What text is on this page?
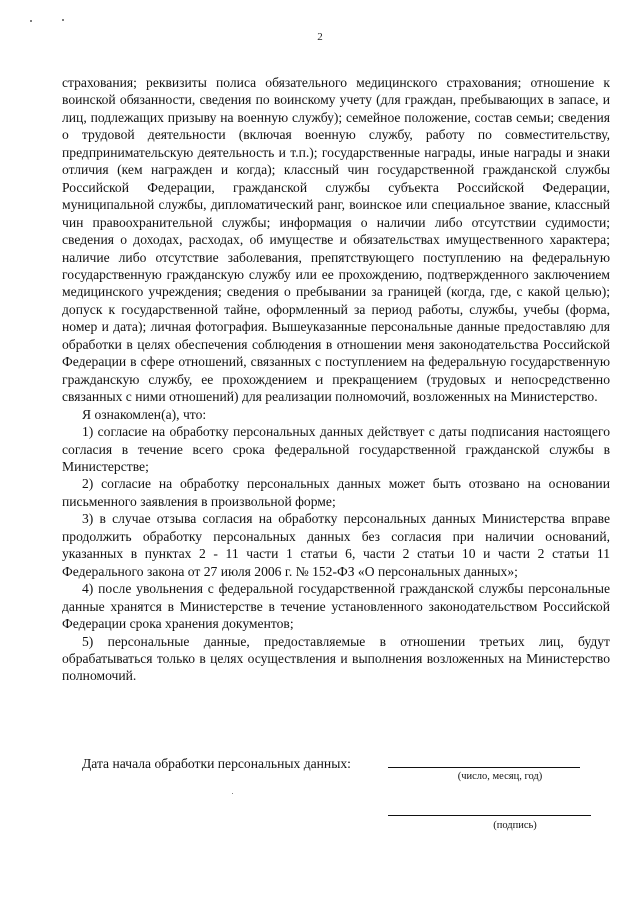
2

страхования; реквизиты полиса обязательного медицинского страхования; отношение к воинской обязанности, сведения по воинскому учету (для граждан, пребывающих в запасе, и лиц, подлежащих призыву на военную службу); семейное положение, состав семьи; сведения о трудовой деятельности (включая военную службу, работу по совместительству, предпринимательскую деятельность и т.п.); государственные награды, иные награды и знаки отличия (кем награжден и когда); классный чин государственной гражданской службы Российской Федерации, гражданской службы субъекта Российской Федерации, муниципальной службы, дипломатический ранг, воинское или специальное звание, классный чин правоохранительной службы; информация о наличии либо отсутствии судимости; сведения о доходах, расходах, об имуществе и обязательствах имущественного характера; наличие либо отсутствие заболевания, препятствующего поступлению на федеральную государственную гражданскую службу или ее прохождению, подтвержденного заключением медицинского учреждения; сведения о пребывании за границей (когда, где, с какой целью); допуск к государственной тайне, оформленный за период работы, службы, учебы (форма, номер и дата); личная фотография. Вышеуказанные персональные данные предоставляю для обработки в целях обеспечения соблюдения в отношении меня законодательства Российской Федерации в сфере отношений, связанных с поступлением на федеральную государственную гражданскую службу, ее прохождением и прекращением (трудовых и непосредственно связанных с ними отношений) для реализации полномочий, возложенных на Министерство.

Я ознакомлен(а), что:

1) согласие на обработку персональных данных действует с даты подписания настоящего согласия в течение всего срока федеральной государственной гражданской службы в Министерстве;

2) согласие на обработку персональных данных может быть отозвано на основании письменного заявления в произвольной форме;

3) в случае отзыва согласия на обработку персональных данных Министерства вправе продолжить обработку персональных данных без согласия при наличии оснований, указанных в пунктах 2 - 11 части 1 статьи 6, части 2 статьи 10 и части 2 статьи 11 Федерального закона от 27 июля 2006 г. № 152-ФЗ «О персональных данных»;

4) после увольнения с федеральной государственной гражданской службы персональные данные хранятся в Министерстве в течение установленного законодательством Российской Федерации срока хранения документов;

5) персональные данные, предоставляемые в отношении третьих лиц, будут обрабатываться только в целях осуществления и выполнения возложенных на Министерство полномочий.

Дата начала обработки персональных данных:
(число, месяц, год)
(подпись)
